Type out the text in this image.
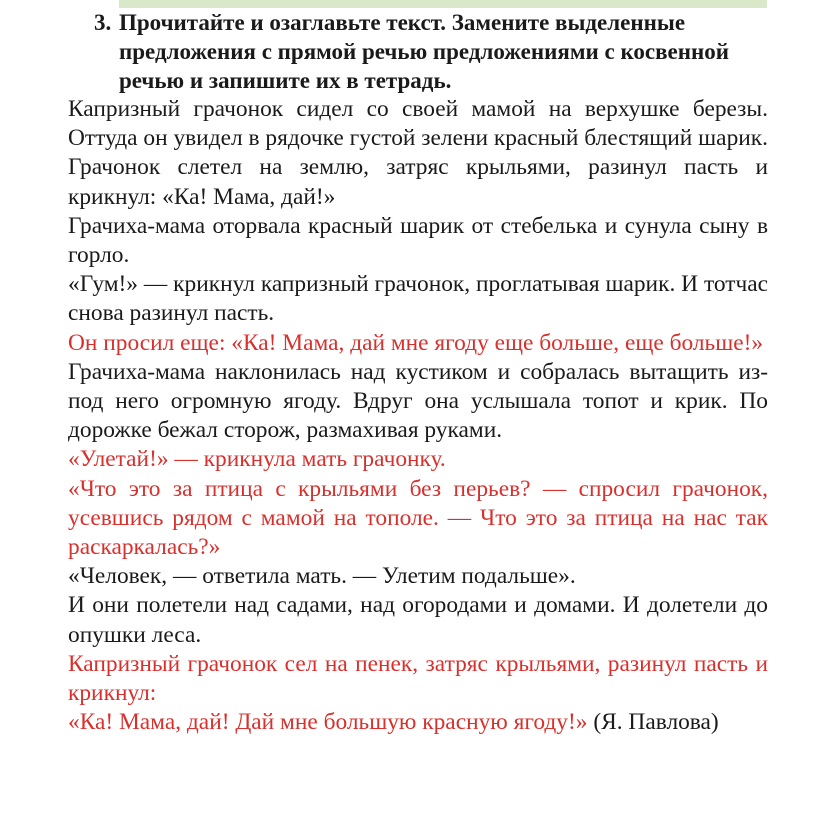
3. Прочитайте и озаглавьте текст. Замените выделенные предложения с прямой речью предложениями с косвенной речью и запишите их в тетрадь.

Капризный грачонок сидел со своей мамой на верхушке березы. Оттуда он увидел в рядочке густой зелени красный блестящий шарик. Грачонок слетел на землю, затряс крыльями, разинул пасть и крикнул: «Ка! Мама, дай!»

Грачиха-мама оторвала красный шарик от стебелька и сунула сыну в горло.

«Гум!» — крикнул капризный грачонок, проглатывая шарик. И тотчас снова разинул пасть.

Он просил еще: «Ка! Мама, дай мне ягоду еще больше, еще больше!»

Грачиха-мама наклонилась над кустиком и собралась вытащить из-под него огромную ягоду. Вдруг она услышала топот и крик. По дорожке бежал сторож, размахивая руками.

«Улетай!» — крикнула мать грачонку.

«Что это за птица с крыльями без перьев? — спросил грачонок, усевшись рядом с мамой на тополе. — Что это за птица на нас так раскаркалась?»

«Человек, — ответила мать. — Улетим подальше».

И они полетели над садами, над огородами и домами. И долетели до опушки леса.

Капризный грачонок сел на пенек, затряс крыльями, разинул пасть и крикнул:

«Ка! Мама, дай! Дай мне большую красную ягоду!» (Я. Павлова)
